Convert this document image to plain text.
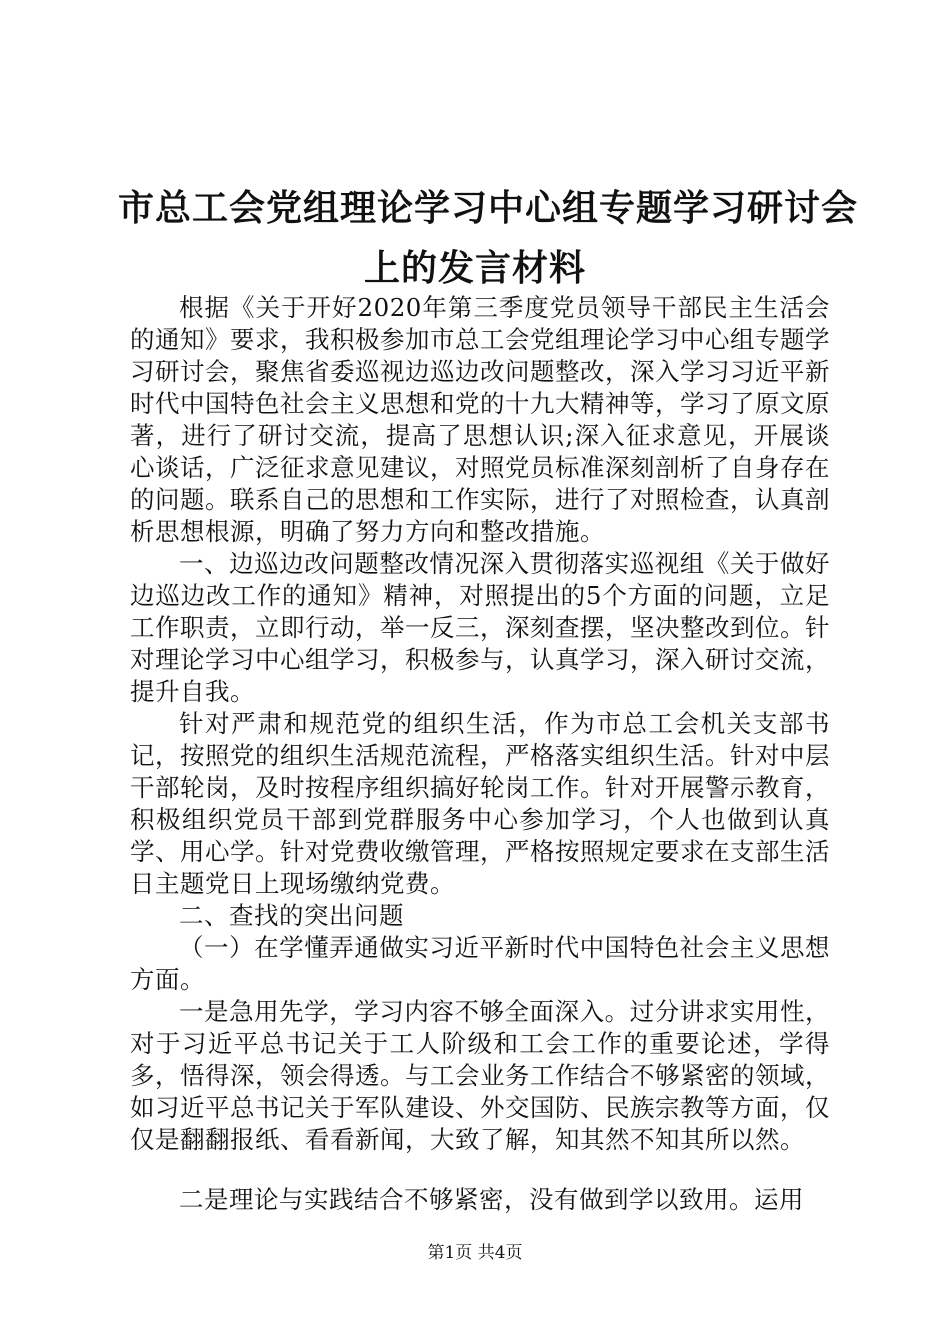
市总工会党组理论学习中心组专题学习研讨会
上的发言材料

根据《关于开好2020年第三季度党员领导干部民主生活会的通知》要求，我积极参加市总工会党组理论学习中心组专题学习研讨会，聚焦省委巡视边巡边改问题整改，深入学习习近平新时代中国特色社会主义思想和党的十九大精神等，学习了原文原著，进行了研讨交流，提高了思想认识;深入征求意见，开展谈心谈话，广泛征求意见建议，对照党员标准深刻剖析了自身存在的问题。联系自己的思想和工作实际，进行了对照检查，认真剖析思想根源，明确了努力方向和整改措施。

一、边巡边改问题整改情况深入贯彻落实巡视组《关于做好边巡边改工作的通知》精神，对照提出的5个方面的问题，立足工作职责，立即行动，举一反三，深刻查摆，坚决整改到位。针对理论学习中心组学习，积极参与，认真学习，深入研讨交流，提升自我。

针对严肃和规范党的组织生活，作为市总工会机关支部书记，按照党的组织生活规范流程，严格落实组织生活。针对中层干部轮岗，及时按程序组织搞好轮岗工作。针对开展警示教育，积极组织党员干部到党群服务中心参加学习，个人也做到认真学、用心学。针对党费收缴管理，严格按照规定要求在支部生活日主题党日上现场缴纳党费。

二、查找的突出问题

（一）在学懂弄通做实习近平新时代中国特色社会主义思想方面。

一是急用先学，学习内容不够全面深入。过分讲求实用性，对于习近平总书记关于工人阶级和工会工作的重要论述，学得多，悟得深，领会得透。与工会业务工作结合不够紧密的领域，如习近平总书记关于军队建设、外交国防、民族宗教等方面，仅仅是翻翻报纸、看看新闻，大致了解，知其然不知其所以然。

二是理论与实践结合不够紧密，没有做到学以致用。运用

第1页 共4页
